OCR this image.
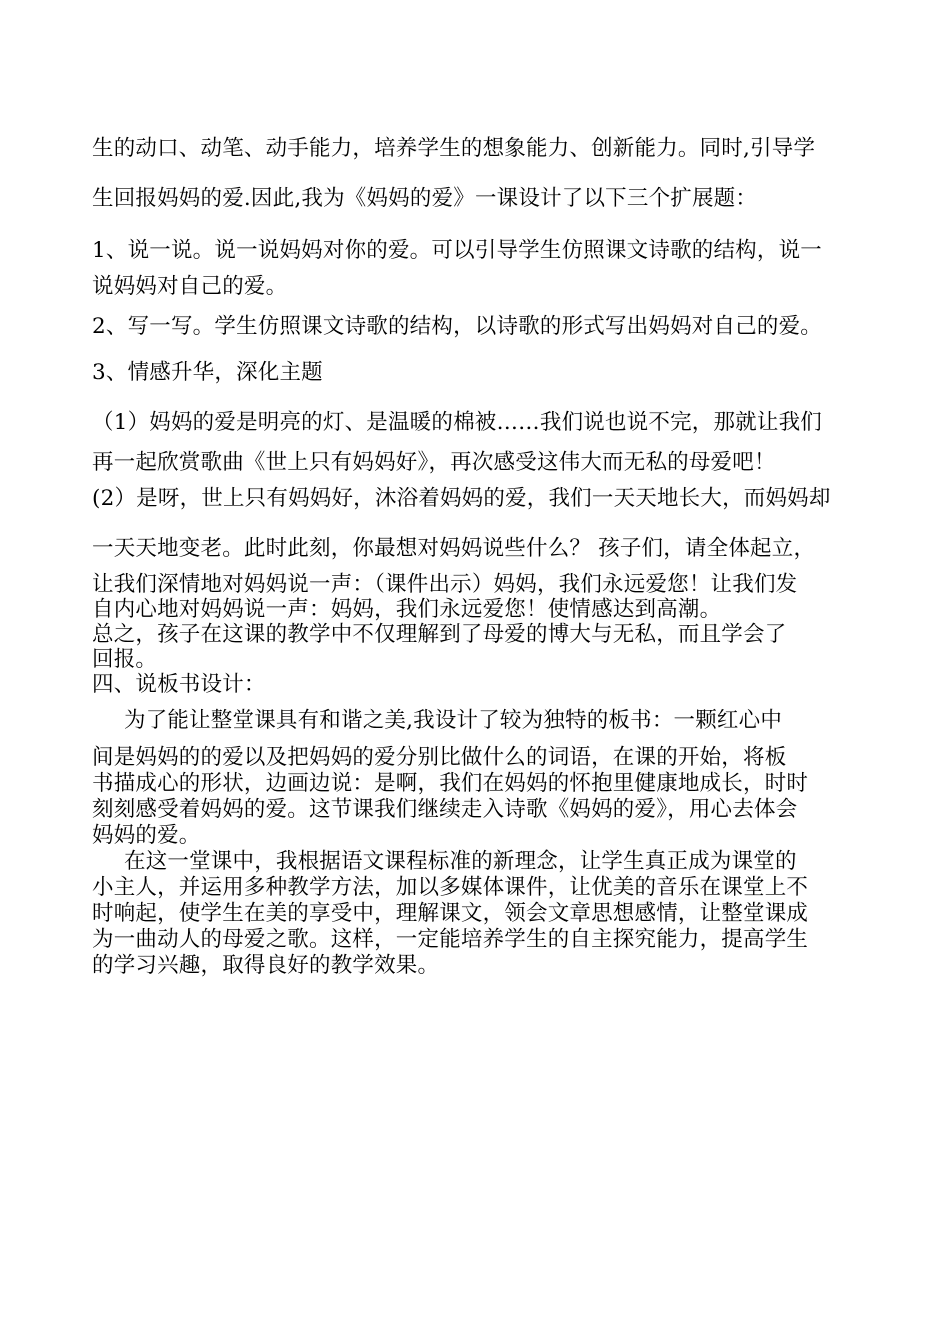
生的动口、动笔、动手能力，培养学生的想象能力、创新能力。同时,引导学
生回报妈妈的爱.因此,我为《妈妈的爱》一课设计了以下三个扩展题：
1、说一说。说一说妈妈对你的爱。可以引导学生仿照课文诗歌的结构，说一
说妈妈对自己的爱。
2、写一写。学生仿照课文诗歌的结构，以诗歌的形式写出妈妈对自己的爱。
3、情感升华，深化主题
（1）妈妈的爱是明亮的灯、是温暖的棉被……我们说也说不完，那就让我们
再一起欣赏歌曲《世上只有妈妈好》，再次感受这伟大而无私的母爱吧！
(2）是呀，世上只有妈妈好，沐浴着妈妈的爱，我们一天天地长大，而妈妈却
一天天地变老。此时此刻，你最想对妈妈说些什么？ 孩子们，请全体起立，
让我们深情地对妈妈说一声：（课件出示）妈妈，我们永远爱您！让我们发
自内心地对妈妈说一声：妈妈，我们永远爱您！使情感达到高潮。
总之，孩子在这课的教学中不仅理解到了母爱的博大与无私，而且学会了
回报。
四、说板书设计：
为了能让整堂课具有和谐之美,我设计了较为独特的板书：一颗红心中
间是妈妈的的爱以及把妈妈的爱分别比做什么的词语，在课的开始，将板
书描成心的形状，边画边说：是啊，我们在妈妈的怀抱里健康地成长，时时
刻刻感受着妈妈的爱。这节课我们继续走入诗歌《妈妈的爱》，用心去体会
妈妈的爱。
在这一堂课中，我根据语文课程标准的新理念，让学生真正成为课堂的
小主人，并运用多种教学方法，加以多媒体课件，让优美的音乐在课堂上不
时响起，使学生在美的享受中，理解课文，领会文章思想感情，让整堂课成
为一曲动人的母爱之歌。这样，一定能培养学生的自主探究能力，提高学生
的学习兴趣，取得良好的教学效果。
